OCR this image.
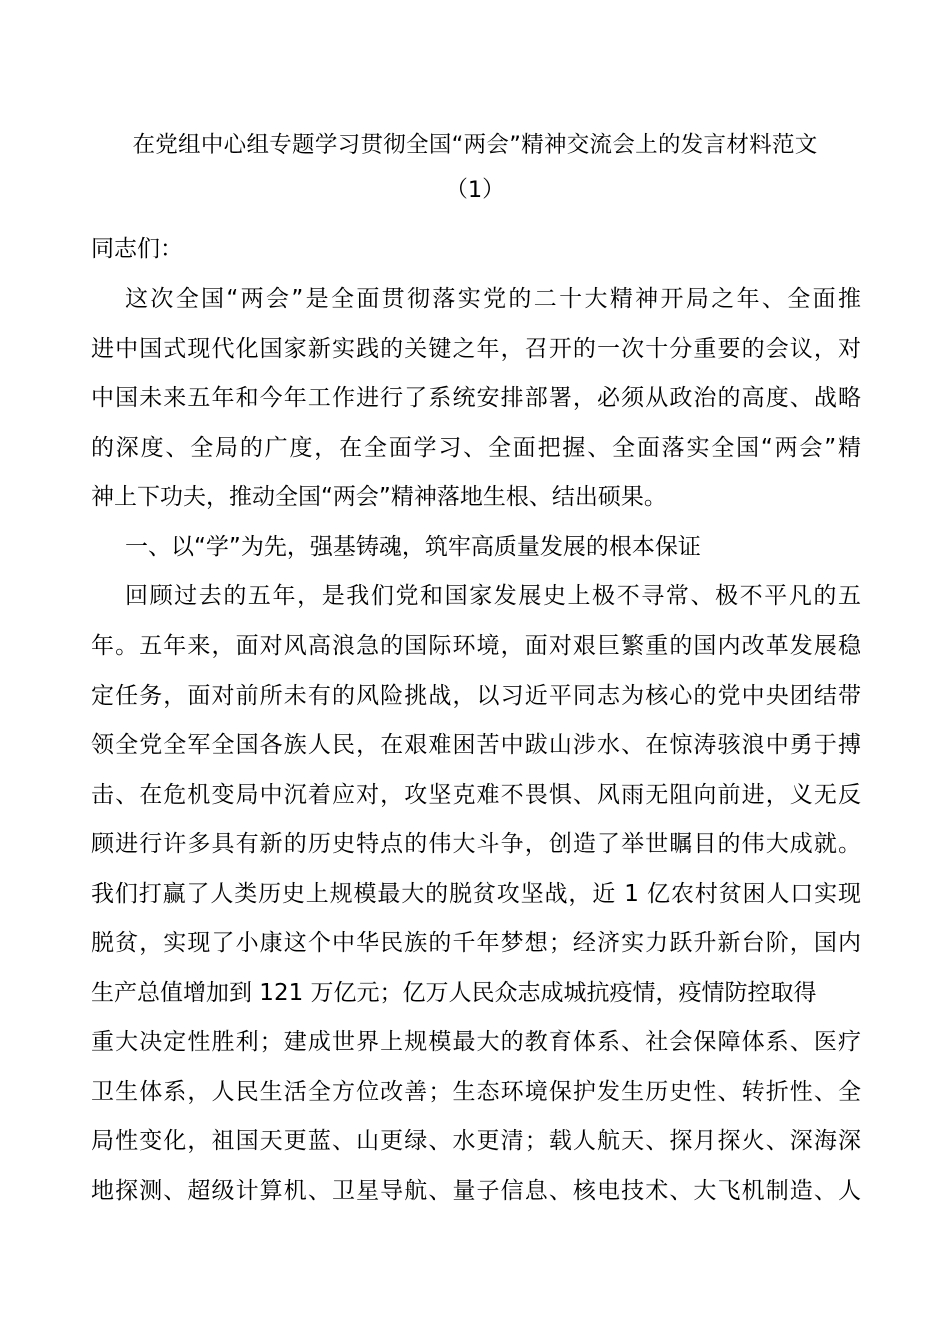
在党组中心组专题学习贯彻全国“两会”精神交流会上的发言材料范文
（1）
同志们：
这次全国“两会”是全面贯彻落实党的二十大精神开局之年、全面推
进中国式现代化国家新实践的关键之年，召开的一次十分重要的会议，对
中国未来五年和今年工作进行了系统安排部署，必须从政治的高度、战略
的深度、全局的广度，在全面学习、全面把握、全面落实全国“两会”精
神上下功夫，推动全国“两会”精神落地生根、结出硕果。
一、以“学”为先，强基铸魂，筑牢高质量发展的根本保证
回顾过去的五年，是我们党和国家发展史上极不寻常、极不平凡的五
年。五年来，面对风高浪急的国际环境，面对艰巨繁重的国内改革发展稳
定任务，面对前所未有的风险挑战，以习近平同志为核心的党中央团结带
领全党全军全国各族人民，在艰难困苦中跋山涉水、在惊涛骇浪中勇于搏
击、在危机变局中沉着应对，攻坚克难不畏惧、风雨无阻向前进，义无反
顾进行许多具有新的历史特点的伟大斗争，创造了举世瞩目的伟大成就。
我们打赢了人类历史上规模最大的脱贫攻坚战，近 1 亿农村贫困人口实现
脱贫，实现了小康这个中华民族的千年梦想；经济实力跃升新台阶，国内
生产总值增加到 121 万亿元；亿万人民众志成城抗疫情，疫情防控取得
重大决定性胜利；建成世界上规模最大的教育体系、社会保障体系、医疗
卫生体系，人民生活全方位改善；生态环境保护发生历史性、转折性、全
局性变化，祖国天更蓝、山更绿、水更清；载人航天、探月探火、深海深
地探测、超级计算机、卫星导航、量子信息、核电技术、大飞机制造、人
